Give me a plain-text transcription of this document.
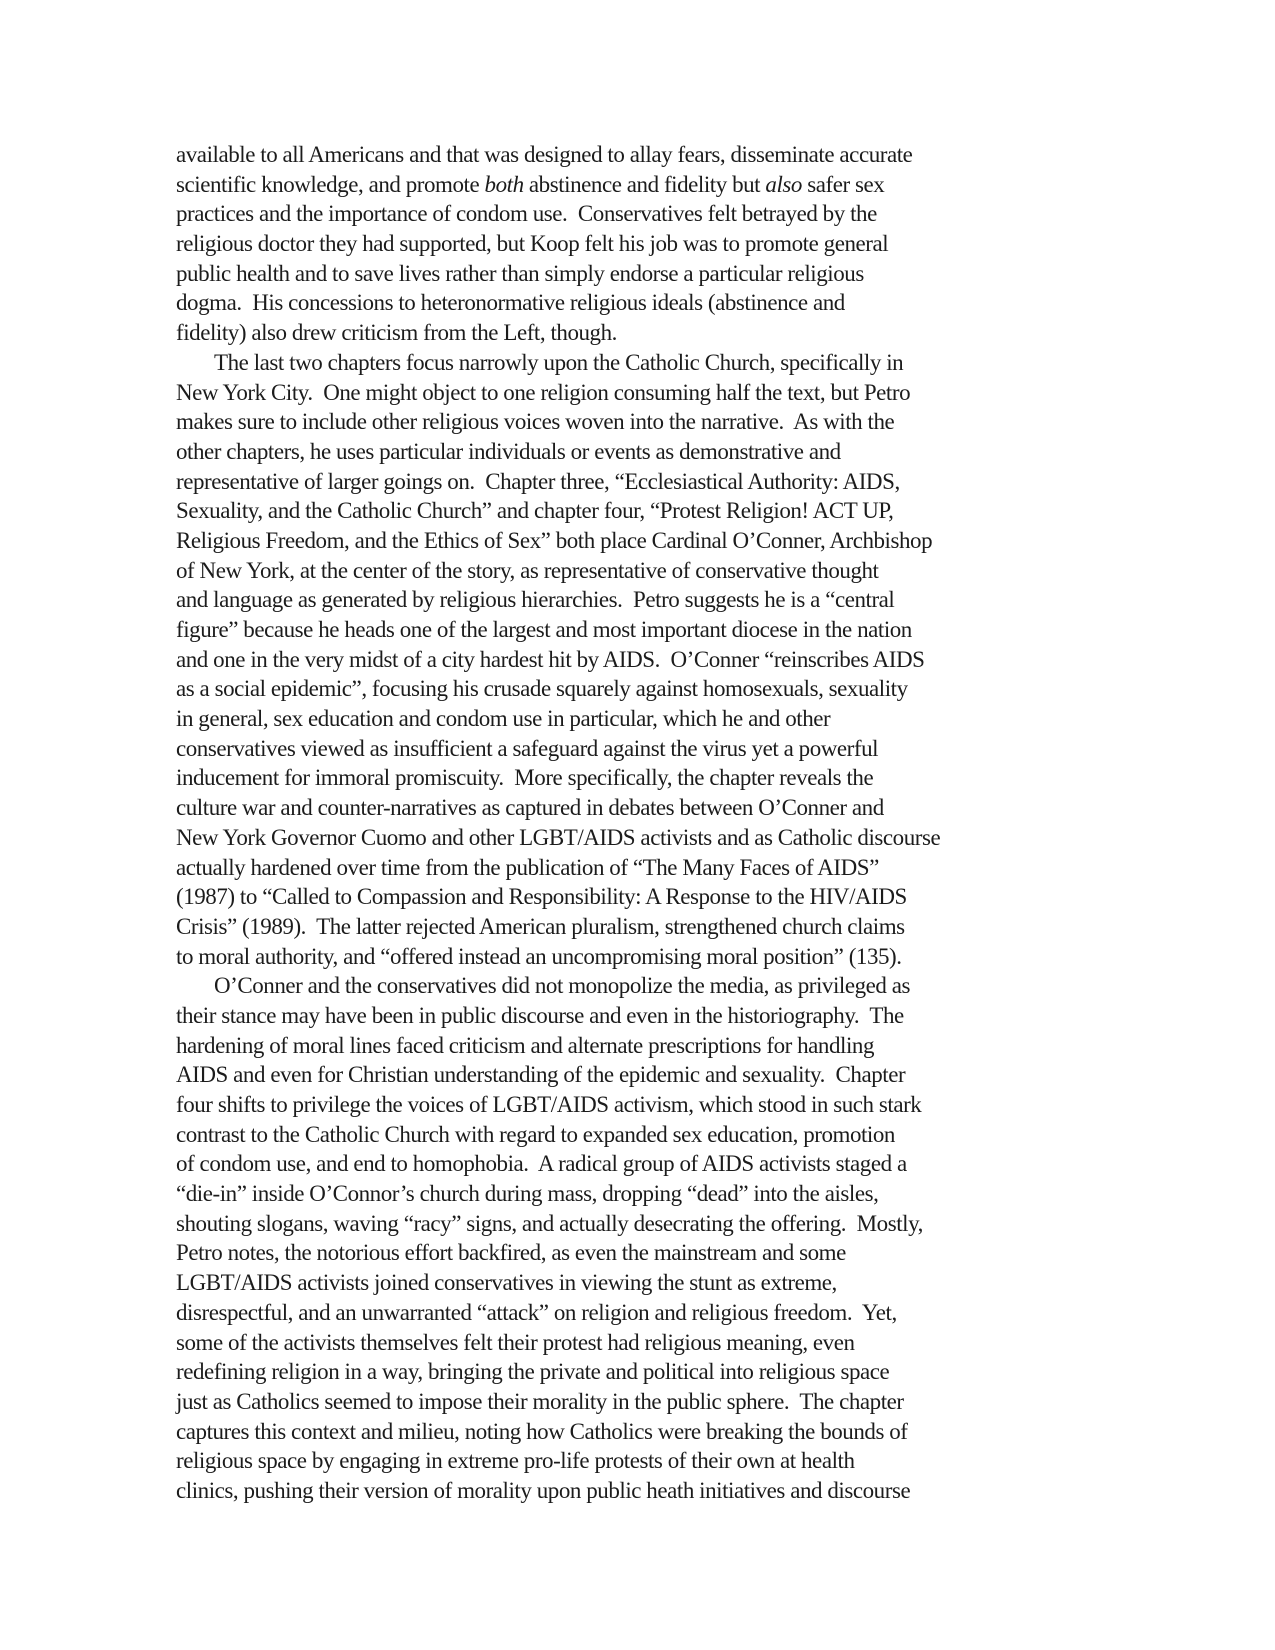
available to all Americans and that was designed to allay fears, disseminate accurate
scientific knowledge, and promote both abstinence and fidelity but also safer sex
practices and the importance of condom use.  Conservatives felt betrayed by the
religious doctor they had supported, but Koop felt his job was to promote general
public health and to save lives rather than simply endorse a particular religious
dogma.  His concessions to heteronormative religious ideals (abstinence and
fidelity) also drew criticism from the Left, though.
The last two chapters focus narrowly upon the Catholic Church, specifically in
New York City.  One might object to one religion consuming half the text, but Petro
makes sure to include other religious voices woven into the narrative.  As with the
other chapters, he uses particular individuals or events as demonstrative and
representative of larger goings on.  Chapter three, “Ecclesiastical Authority: AIDS,
Sexuality, and the Catholic Church” and chapter four, “Protest Religion! ACT UP,
Religious Freedom, and the Ethics of Sex” both place Cardinal O’Conner, Archbishop
of New York, at the center of the story, as representative of conservative thought
and language as generated by religious hierarchies.  Petro suggests he is a “central
figure” because he heads one of the largest and most important diocese in the nation
and one in the very midst of a city hardest hit by AIDS.  O’Conner “reinscribes AIDS
as a social epidemic”, focusing his crusade squarely against homosexuals, sexuality
in general, sex education and condom use in particular, which he and other
conservatives viewed as insufficient a safeguard against the virus yet a powerful
inducement for immoral promiscuity.  More specifically, the chapter reveals the
culture war and counter-narratives as captured in debates between O’Conner and
New York Governor Cuomo and other LGBT/AIDS activists and as Catholic discourse
actually hardened over time from the publication of “The Many Faces of AIDS”
(1987) to “Called to Compassion and Responsibility: A Response to the HIV/AIDS
Crisis” (1989).  The latter rejected American pluralism, strengthened church claims
to moral authority, and “offered instead an uncompromising moral position” (135).
O’Conner and the conservatives did not monopolize the media, as privileged as
their stance may have been in public discourse and even in the historiography.  The
hardening of moral lines faced criticism and alternate prescriptions for handling
AIDS and even for Christian understanding of the epidemic and sexuality.  Chapter
four shifts to privilege the voices of LGBT/AIDS activism, which stood in such stark
contrast to the Catholic Church with regard to expanded sex education, promotion
of condom use, and end to homophobia.  A radical group of AIDS activists staged a
“die-in” inside O’Connor’s church during mass, dropping “dead” into the aisles,
shouting slogans, waving “racy” signs, and actually desecrating the offering.  Mostly,
Petro notes, the notorious effort backfired, as even the mainstream and some
LGBT/AIDS activists joined conservatives in viewing the stunt as extreme,
disrespectful, and an unwarranted “attack” on religion and religious freedom.  Yet,
some of the activists themselves felt their protest had religious meaning, even
redefining religion in a way, bringing the private and political into religious space
just as Catholics seemed to impose their morality in the public sphere.  The chapter
captures this context and milieu, noting how Catholics were breaking the bounds of
religious space by engaging in extreme pro-life protests of their own at health
clinics, pushing their version of morality upon public heath initiatives and discourse
